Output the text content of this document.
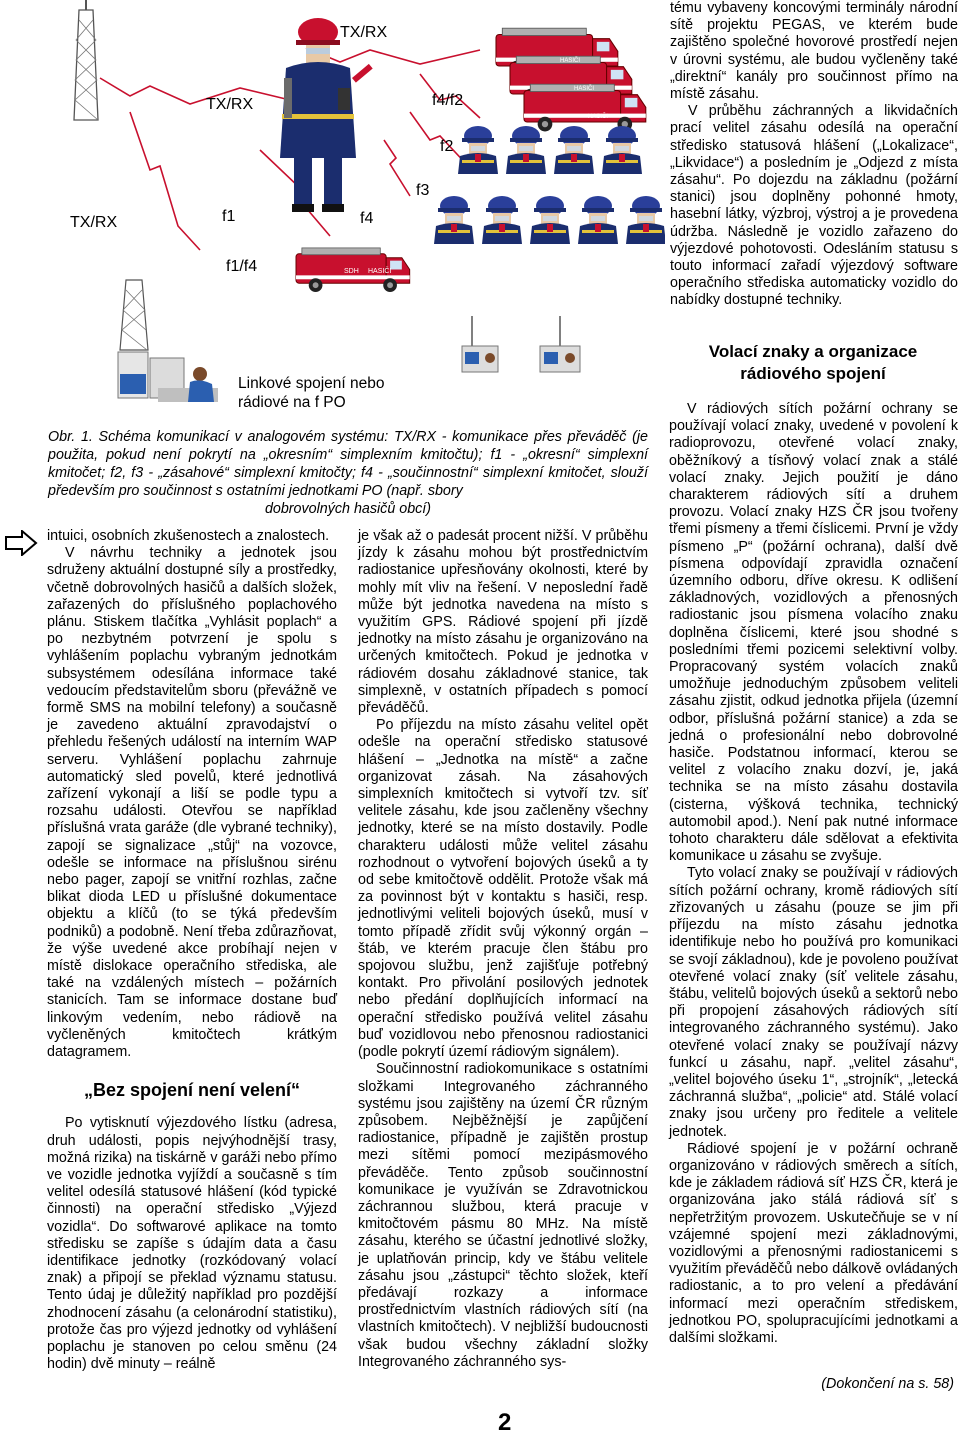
HASIČI
HASIČI
HASIČI
SDH HASIČI
TX/RX
TX/RX
TX/RX
f4/f2
f2
f3
f4
f1
f1/f4
Linkové spojení nebo rádiové na f PO

tému vybaveny koncovými terminály národní sítě projektu PEGAS, ve kterém bude zajištěno společné hovorové prostředí nejen v úrovni systému, ale budou vyčleněny také „direktní“ kanály pro součinnost přímo na místě zásahu.

V průběhu záchranných a likvidačních prací velitel zásahu odesílá na operační středisko statusová hlášení („Lokalizace“, „Likvidace“) a posledním je „Odjezd z místa zásahu“. Po dojezdu na základnu (požární stanici) jsou doplněny pohonné hmoty, hasební látky, výzbroj, výstroj a je provedena údržba. Následně je vozidlo zařazeno do výjezdové pohotovosti. Odesláním statusu s touto informací zařadí výjezdový software operačního střediska automaticky vozidlo do nabídky dostupné techniky.

Volací znaky a organizace rádiového spojení
Obr. 1. Schéma komunikací v analogovém systému: TX/RX - komunikace přes převáděč (je použita, pokud není pokrytí na „okresním“ simplexním kmitočtu); f1 - „okresní“ simplexní kmitočet; f2, f3 - „zásahové“ simplexní kmitočty; f4 - „součinnostní“ simplexní kmitočet, slouží především pro součinnost s ostatními jednotkami PO (např. sbory
dobrovolných hasičů obcí)

intuici, osobních zkušenostech a znalostech.

V návrhu techniky a jednotek jsou sdruženy aktuální dostupné síly a prostředky, včetně dobrovolných hasičů a dalších složek, zařazených do příslušného poplachového plánu. Stiskem tlačítka „Vyhlásit poplach“ a po nezbytném potvrzení je spolu s vyhlášením poplachu vybraným jednotkám subsystémem odesílána informace také vedoucím představitelům sboru (převážně ve formě SMS na mobilní telefony) a současně je zavedeno aktuální zpravodajství o přehledu řešených událostí na interním WAP serveru. Vyhlášení poplachu zahrnuje automatický sled povelů, které jednotlivá zařízení vykonají a liší se podle typu a rozsahu události. Otevřou se například příslušná vrata garáže (dle vybrané techniky), zapojí se signalizace „stůj“ na vozovce, odešle se informace na příslušnou sirénu nebo pager, zapojí se vnitřní rozhlas, začne blikat dioda LED u příslušné dokumentace objektu a klíčů (to se týká především podniků) a podobně. Není třeba zdůrazňovat, že výše uvedené akce probíhají nejen v místě dislokace operačního střediska, ale také na vzdálených místech – požárních stanicích. Tam se informace dostane buď linkovým vedením, nebo rádiově na vyčleněných kmitočtech krátkým datagramem.

„Bez spojení není velení“

Po vytisknutí výjezdového lístku (adresa, druh události, popis nejvýhodnější trasy, možná rizika) na tiskárně v garáži nebo přímo ve vozidle jednotka vyjíždí a současně s tím velitel odesílá statusové hlášení (kód typické činnosti) na operační středisko „Výjezd vozidla“. Do softwarové aplikace na tomto středisku se zapíše s údajím data a času identifikace jednotky (rozkódovaný volací znak) a připojí se překlad významu statusu. Tento údaj je důležitý například pro pozdější zhodnocení zásahu (a celonárodní statistiku), protože čas pro výjezd jednotky od vyhlášení poplachu je stanoven po celou směnu (24 hodin) dvě minuty – reálně

je však až o padesát procent nižší. V průběhu jízdy k zásahu mohou být prostřednictvím radiostanice upřesňovány okolnosti, které by mohly mít vliv na řešení. V neposlední řadě může být jednotka navedena na místo s využitím GPS. Rádiové spojení při jízdě jednotky na místo zásahu je organizováno na určených kmitočtech. Pokud je jednotka v rádiovém dosahu základnové stanice, tak simplexně, v ostatních případech s pomocí převáděčů.

Po příjezdu na místo zásahu velitel opět odešle na operační středisko statusové hlášení – „Jednotka na místě“ a začne organizovat zásah. Na zásahových simplexních kmitočtech si vytvoří tzv. síť velitele zásahu, kde jsou začleněny všechny jednotky, které se na místo dostavily. Podle charakteru události může velitel zásahu rozhodnout o vytvoření bojových úseků a ty od sebe kmitočtově oddělit. Protože však má za povinnost být v kontaktu s hasiči, resp. jednotlivými veliteli bojových úseků, musí v tomto případě zřídit svůj výkonný orgán – štáb, ve kterém pracuje člen štábu pro spojovou službu, jenž zajišťuje potřebný kontakt. Pro přivolání posilových jednotek nebo předání doplňujících informací na operační středisko používá velitel zásahu buď vozidlovou nebo přenosnou radiostanici (podle pokrytí území rádiovým signálem).

Součinnostní radiokomunikace s ostatními složkami Integrovaného záchranného systému jsou zajištěny na území ČR různým způsobem. Nejběžnější je zapůjčení radiostanice, případně je zajištěn prostup mezi sítěmi pomocí mezipásmového převáděče. Tento způsob součinnostní komunikace je využíván se Zdravotnickou záchrannou službou, která pracuje v kmitočtovém pásmu 80 MHz. Na místě zásahu, kterého se účastní jednotlivé složky, je uplatňován princip, kdy ve štábu velitele zásahu jsou „zástupci“ těchto složek, kteří předávají rozkazy a informace prostřednictvím vlastních rádiových sítí (na vlastních kmitočtech). V nejbližší budoucnosti však budou všechny základní složky Integrovaného záchranného sys-

V rádiových sítích požární ochrany se používají volací znaky, uvedené v povolení k radioprovozu, otevřené volací znaky, oběžníkový a tísňový volací znak a stálé volací znaky. Jejich použití je dáno charakterem rádiových sítí a druhem provozu. Volací znaky HZS ČR jsou tvořeny třemi písmeny a třemi číslicemi. První je vždy písmeno „P“ (požární ochrana), další dvě písmena odpovídají zpravidla označení územního odboru, dříve okresu. K odlišení základnových, vozidlových a přenosných radiostanic jsou písmena volacího znaku doplněna číslicemi, které jsou shodné s posledními třemi pozicemi selektivní volby. Propracovaný systém volacích znaků umožňuje jednoduchým způsobem veliteli zásahu zjistit, odkud jednotka přijela (územní odbor, příslušná požární stanice) a zda se jedná o profesionální nebo dobrovolné hasiče. Podstatnou informací, kterou se velitel z volacího znaku dozví, je, jaká technika se na místo zásahu dostavila (cisterna, výšková technika, technický automobil apod.). Není pak nutné informace tohoto charakteru dále sdělovat a efektivita komunikace u zásahu se zvyšuje.

Tyto volací znaky se používají v rádiových sítích požární ochrany, kromě rádiových sítí zřizovaných u zásahu (pouze se jim při příjezdu na místo zásahu jednotka identifikuje nebo ho používá pro komunikaci se svojí základnou), kde je povoleno používat otevřené volací znaky (síť velitele zásahu, štábu, velitelů bojových úseků a sektorů nebo při propojení zásahových rádiových sítí integrovaného záchranného systému). Jako otevřené volací znaky se používají názvy funkcí u zásahu, např. „velitel zásahu“, „velitel bojového úseku 1“, „strojník“, „letecká záchranná služba“, „policie“ atd. Stálé volací znaky jsou určeny pro ředitele a velitele jednotek.

Rádiové spojení je v požární ochraně organizováno v rádiových směrech a sítích, kde je základem rádiová síť HZS ČR, která je organizována jako stálá rádiová síť s nepřetržitým provozem. Uskutečňuje se v ní vzájemné spojení mezi základnovými, vozidlovými a přenosnými radiostanicemi s využitím převáděčů nebo dálkově ovládaných radiostanic, a to pro velení a předávání informací mezi operačním střediskem, jednotkou PO, spolupracujícími jednotkami a dalšími složkami.

(Dokončení na s. 58)
2
